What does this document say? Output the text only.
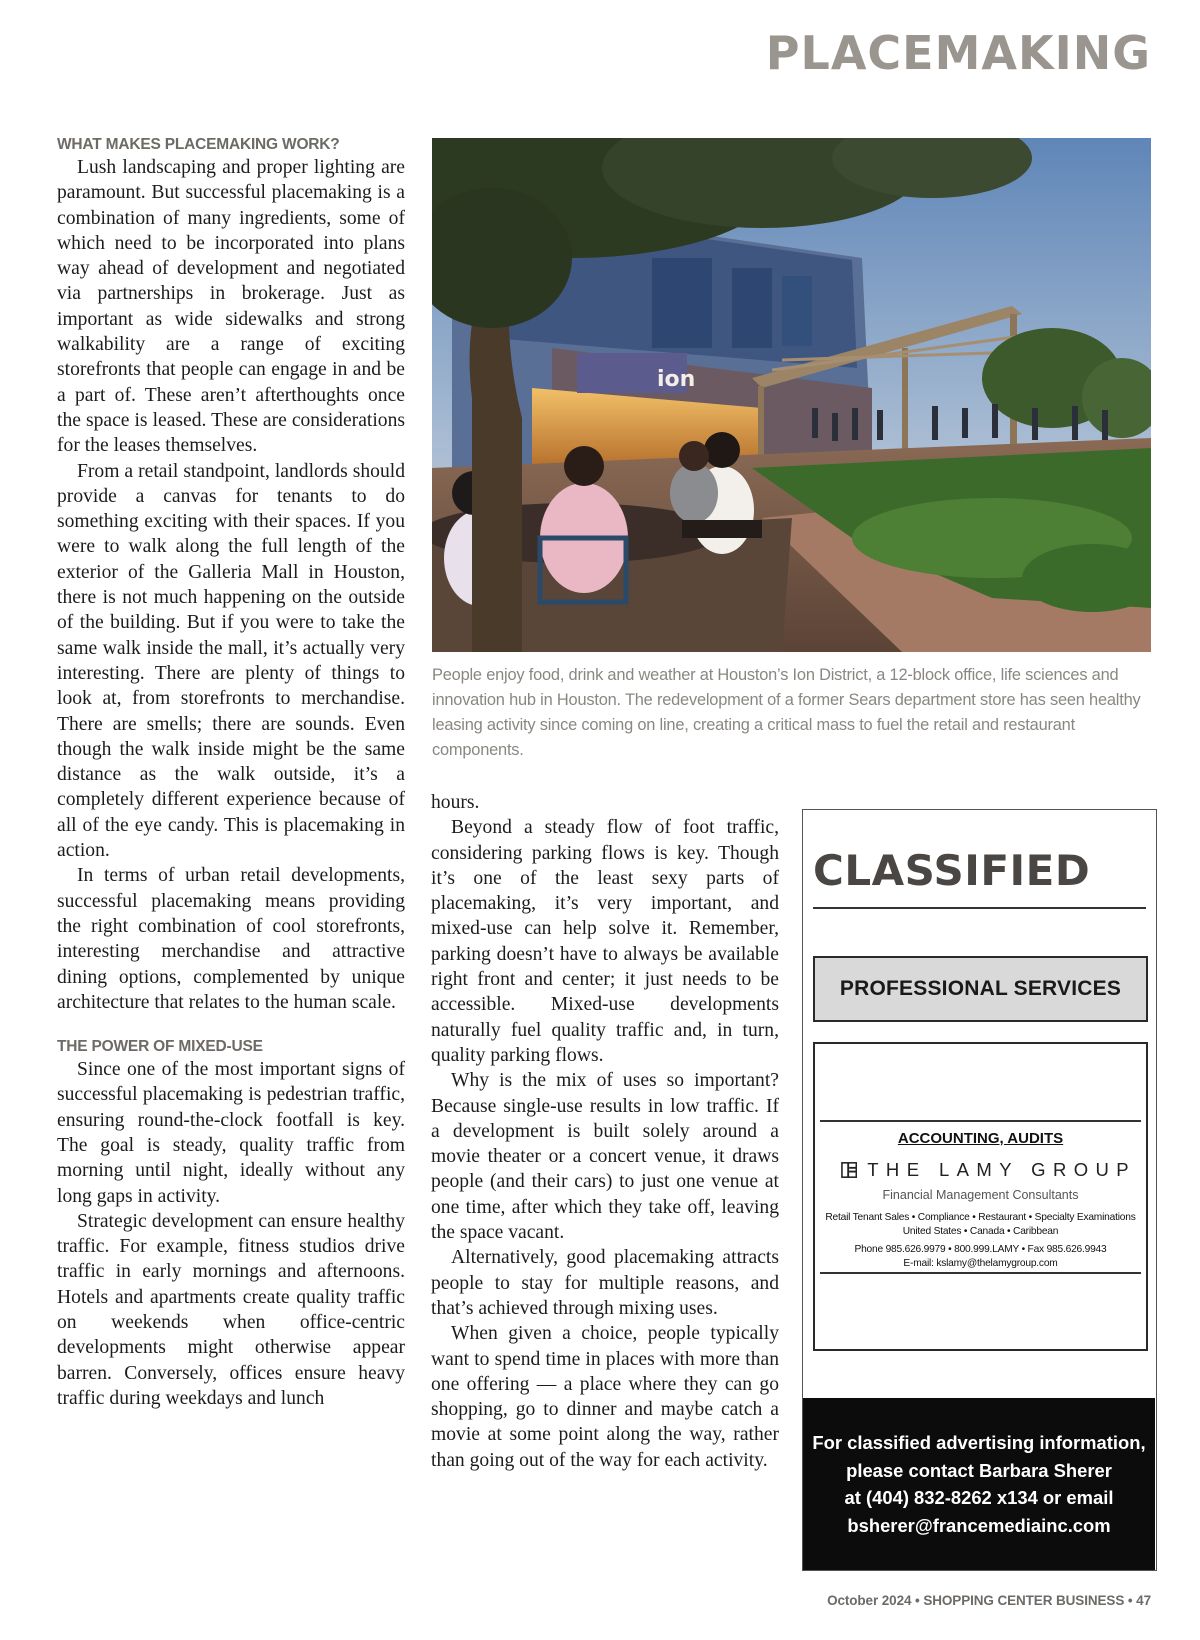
PLACEMAKING
WHAT MAKES PLACEMAKING WORK?

Lush landscaping and proper lighting are paramount. But successful placemaking is a combination of many ingredients, some of which need to be incorporated into plans way ahead of development and negotiated via partnerships in brokerage. Just as important as wide sidewalks and strong walkability are a range of exciting storefronts that people can engage in and be a part of. These aren’t afterthoughts once the space is leased. These are considerations for the leases themselves.

From a retail standpoint, landlords should provide a canvas for tenants to do something exciting with their spaces. If you were to walk along the full length of the exterior of the Galleria Mall in Houston, there is not much happening on the outside of the building. But if you were to take the same walk inside the mall, it’s actually very interesting. There are plenty of things to look at, from storefronts to merchandise. There are smells; there are sounds. Even though the walk inside might be the same distance as the walk outside, it’s a completely different experience because of all of the eye candy. This is placemaking in action.

In terms of urban retail developments, successful placemaking means providing the right combination of cool storefronts, interesting merchandise and attractive dining options, complemented by unique architecture that relates to the human scale.

THE POWER OF MIXED-USE

Since one of the most important signs of successful placemaking is pedestrian traffic, ensuring round-the-clock footfall is key. The goal is steady, quality traffic from morning until night, ideally without any long gaps in activity.

Strategic development can ensure healthy traffic. For example, fitness studios drive traffic in early mornings and afternoons. Hotels and apartments create quality traffic on weekends when office-centric developments might otherwise appear barren. Conversely, offices ensure heavy traffic during weekdays and lunch

ion
People enjoy food, drink and weather at Houston’s Ion District, a 12-block office, life sciences and innovation hub in Houston. The redevelopment of a former Sears department store has seen healthy leasing activity since coming on line, creating a critical mass to fuel the retail and restaurant components.

hours.

Beyond a steady flow of foot traffic, considering parking flows is key. Though it’s one of the least sexy parts of placemaking, it’s very important, and mixed-use can help solve it. Remember, parking doesn’t have to always be available right front and center; it just needs to be accessible. Mixed-use developments naturally fuel quality traffic and, in turn, quality parking flows.

Why is the mix of uses so important? Because single-use results in low traffic. If a development is built solely around a movie theater or a concert venue, it draws people (and their cars) to just one venue at one time, after which they take off, leaving the space vacant.

Alternatively, good placemaking attracts people to stay for multiple reasons, and that’s achieved through mixing uses.

When given a choice, people typically want to spend time in places with more than one offering — a place where they can go shopping, go to dinner and maybe catch a movie at some point along the way, rather than going out of the way for each activity.

CLASSIFIED
PROFESSIONAL SERVICES
ACCOUNTING, AUDITS
THE LAMY GROUP
Financial Management Consultants
Retail Tenant Sales • Compliance • Restaurant • Specialty Examinations
United States • Canada • Caribbean
Phone 985.626.9979 • 800.999.LAMY • Fax 985.626.9943
E-mail: kslamy@thelamygroup.com
For classified advertising information,
please contact Barbara Sherer
at (404) 832-8262 x134 or email
bsherer@francemediainc.com
October 2024 • SHOPPING CENTER BUSINESS • 47
